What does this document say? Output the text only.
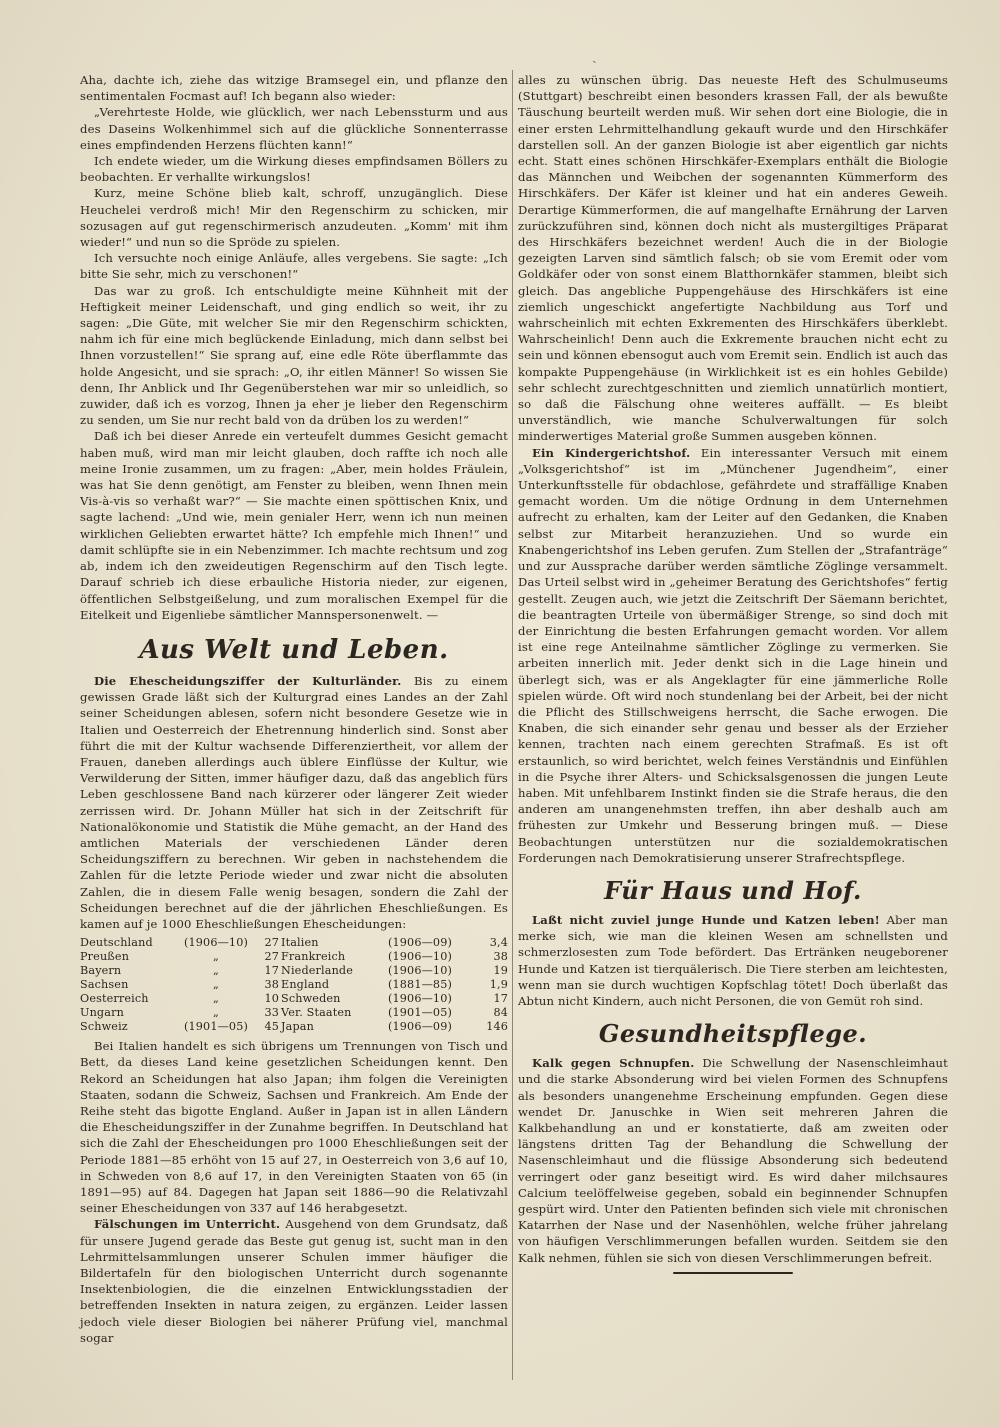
ˎ

Aha, dachte ich, ziehe das witzige Bramsegel ein, und pflanze den sentimentalen Focmast auf! Ich begann also wieder:

„Verehrteste Holde, wie glücklich, wer nach Lebenssturm und aus des Daseins Wolkenhimmel sich auf die glückliche Sonnenterrasse eines empfindenden Herzens flüchten kann!“

Ich endete wieder, um die Wirkung dieses empfindsamen Böllers zu beobachten. Er verhallte wirkungslos!

Kurz, meine Schöne blieb kalt, schroff, unzugänglich. Diese Heuchelei verdroß mich! Mir den Regenschirm zu schicken, mir sozusagen auf gut regenschirmerisch anzudeuten. „Komm' mit ihm wieder!“ und nun so die Spröde zu spielen.

Ich versuchte noch einige Anläufe, alles vergebens. Sie sagte: „Ich bitte Sie sehr, mich zu verschonen!“

Das war zu groß. Ich entschuldigte meine Kühnheit mit der Heftigkeit meiner Leidenschaft, und ging endlich so weit, ihr zu sagen: „Die Güte, mit welcher Sie mir den Regenschirm schickten, nahm ich für eine mich beglückende Einladung, mich dann selbst bei Ihnen vorzustellen!“ Sie sprang auf, eine edle Röte überflammte das holde Angesicht, und sie sprach: „O, ihr eitlen Männer! So wissen Sie denn, Ihr Anblick und Ihr Gegenüberstehen war mir so unleidlich, so zuwider, daß ich es vorzog, Ihnen ja eher je lieber den Regenschirm zu senden, um Sie nur recht bald von da drüben los zu werden!“

Daß ich bei dieser Anrede ein verteufelt dummes Gesicht gemacht haben muß, wird man mir leicht glauben, doch raffte ich noch alle meine Ironie zusammen, um zu fragen: „Aber, mein holdes Fräulein, was hat Sie denn genötigt, am Fenster zu bleiben, wenn Ihnen mein Vis-à-vis so verhaßt war?“ — Sie machte einen spöttischen Knix, und sagte lachend: „Und wie, mein genialer Herr, wenn ich nun meinen wirklichen Geliebten erwartet hätte? Ich empfehle mich Ihnen!“ und damit schlüpfte sie in ein Nebenzimmer. Ich machte rechtsum und zog ab, indem ich den zweideutigen Regenschirm auf den Tisch legte. Darauf schrieb ich diese erbauliche Historia nieder, zur eigenen, öffentlichen Selbstgeißelung, und zum moralischen Exempel für die Eitelkeit und Eigenliebe sämtlicher Mannspersonenwelt. —

Aus Welt und Leben.

Die Ehescheidungsziffer der Kulturländer. Bis zu einem gewissen Grade läßt sich der Kulturgrad eines Landes an der Zahl seiner Scheidungen ablesen, sofern nicht besondere Gesetze wie in Italien und Oesterreich der Ehetrennung hinderlich sind. Sonst aber führt die mit der Kultur wachsende Differenziertheit, vor allem der Frauen, daneben allerdings auch üblere Einflüsse der Kultur, wie Verwilderung der Sitten, immer häufiger dazu, daß das angeblich fürs Leben geschlossene Band nach kürzerer oder längerer Zeit wieder zerrissen wird. Dr. Johann Müller hat sich in der Zeitschrift für Nationalökonomie und Statistik die Mühe gemacht, an der Hand des amtlichen Materials der verschiedenen Länder deren Scheidungsziffern zu berechnen. Wir geben in nachstehendem die Zahlen für die letzte Periode wieder und zwar nicht die absoluten Zahlen, die in diesem Falle wenig besagen, sondern die Zahl der Scheidungen berechnet auf die der jährlichen Eheschließungen. Es kamen auf je 1000 Eheschließungen Ehescheidungen:

Deutschland	(1906—10)	27	Italien	(1906—09)	3,4
Preußen	„	27	Frankreich	(1906—10)	38
Bayern	„	17	Niederlande	(1906—10)	19
Sachsen	„	38	England	(1881—85)	1,9
Oesterreich	„	10	Schweden	(1906—10)	17
Ungarn	„	33	Ver. Staaten	(1901—05)	84
Schweiz	(1901—05)	45	Japan	(1906—09)	146

Bei Italien handelt es sich übrigens um Trennungen von Tisch und Bett, da dieses Land keine gesetzlichen Scheidungen kennt. Den Rekord an Scheidungen hat also Japan; ihm folgen die Vereinigten Staaten, sodann die Schweiz, Sachsen und Frankreich. Am Ende der Reihe steht das bigotte England. Außer in Japan ist in allen Ländern die Ehescheidungsziffer in der Zunahme begriffen. In Deutschland hat sich die Zahl der Ehescheidungen pro 1000 Eheschließungen seit der Periode 1881—85 erhöht von 15 auf 27, in Oesterreich von 3,6 auf 10, in Schweden von 8,6 auf 17, in den Vereinigten Staaten von 65 (in 1891—95) auf 84. Dagegen hat Japan seit 1886—90 die Relativzahl seiner Ehescheidungen von 337 auf 146 herabgesetzt.

Fälschungen im Unterricht. Ausgehend von dem Grundsatz, daß für unsere Jugend gerade das Beste gut genug ist, sucht man in den Lehrmittelsammlungen unserer Schulen immer häufiger die Bildertafeln für den biologischen Unterricht durch sogenannte Insektenbiologien, die die einzelnen Entwicklungsstadien der betreffenden Insekten in natura zeigen, zu ergänzen. Leider lassen jedoch viele dieser Biologien bei näherer Prüfung viel, manchmal sogar

alles zu wünschen übrig. Das neueste Heft des Schulmuseums (Stuttgart) beschreibt einen besonders krassen Fall, der als bewußte Täuschung beurteilt werden muß. Wir sehen dort eine Biologie, die in einer ersten Lehrmittelhandlung gekauft wurde und den Hirschkäfer darstellen soll. An der ganzen Biologie ist aber eigentlich gar nichts echt. Statt eines schönen Hirschkäfer-Exemplars enthält die Biologie das Männchen und Weibchen der sogenannten Kümmerform des Hirschkäfers. Der Käfer ist kleiner und hat ein anderes Geweih. Derartige Kümmerformen, die auf mangelhafte Ernährung der Larven zurückzuführen sind, können doch nicht als mustergiltiges Präparat des Hirschkäfers bezeichnet werden! Auch die in der Biologie gezeigten Larven sind sämtlich falsch; ob sie vom Eremit oder vom Goldkäfer oder von sonst einem Blatthornkäfer stammen, bleibt sich gleich. Das angebliche Puppengehäuse des Hirschkäfers ist eine ziemlich ungeschickt angefertigte Nachbildung aus Torf und wahrscheinlich mit echten Exkrementen des Hirschkäfers überklebt. Wahrscheinlich! Denn auch die Exkremente brauchen nicht echt zu sein und können ebensogut auch vom Eremit sein. Endlich ist auch das kompakte Puppengehäuse (in Wirklichkeit ist es ein hohles Gebilde) sehr schlecht zurechtgeschnitten und ziemlich unnatürlich montiert, so daß die Fälschung ohne weiteres auffällt. — Es bleibt unverständlich, wie manche Schulverwaltungen für solch minderwertiges Material große Summen ausgeben können.

Ein Kindergerichtshof. Ein interessanter Versuch mit einem „Volksgerichtshof“ ist im „Münchener Jugendheim“, einer Unterkunftsstelle für obdachlose, gefährdete und straffällige Knaben gemacht worden. Um die nötige Ordnung in dem Unternehmen aufrecht zu erhalten, kam der Leiter auf den Gedanken, die Knaben selbst zur Mitarbeit heranzuziehen. Und so wurde ein Knabengerichtshof ins Leben gerufen. Zum Stellen der „Strafanträge“ und zur Aussprache darüber werden sämtliche Zöglinge versammelt. Das Urteil selbst wird in „geheimer Beratung des Gerichtshofes“ fertig gestellt. Zeugen auch, wie jetzt die Zeitschrift Der Säemann berichtet, die beantragten Urteile von übermäßiger Strenge, so sind doch mit der Einrichtung die besten Erfahrungen gemacht worden. Vor allem ist eine rege Anteilnahme sämtlicher Zöglinge zu vermerken. Sie arbeiten innerlich mit. Jeder denkt sich in die Lage hinein und überlegt sich, was er als Angeklagter für eine jämmerliche Rolle spielen würde. Oft wird noch stundenlang bei der Arbeit, bei der nicht die Pflicht des Stillschweigens herrscht, die Sache erwogen. Die Knaben, die sich einander sehr genau und besser als der Erzieher kennen, trachten nach einem gerechten Strafmaß. Es ist oft erstaunlich, so wird berichtet, welch feines Verständnis und Einfühlen in die Psyche ihrer Alters- und Schicksalsgenossen die jungen Leute haben. Mit unfehlbarem Instinkt finden sie die Strafe heraus, die den anderen am unangenehmsten treffen, ihn aber deshalb auch am frühesten zur Umkehr und Besserung bringen muß. — Diese Beobachtungen unterstützen nur die sozialdemokratischen Forderungen nach Demokratisierung unserer Strafrechtspflege.

Für Haus und Hof.

Laßt nicht zuviel junge Hunde und Katzen leben! Aber man merke sich, wie man die kleinen Wesen am schnellsten und schmerzlosesten zum Tode befördert. Das Ertränken neugeborener Hunde und Katzen ist tierquälerisch. Die Tiere sterben am leichtesten, wenn man sie durch wuchtigen Kopfschlag tötet! Doch überlaßt das Abtun nicht Kindern, auch nicht Personen, die von Gemüt roh sind.

Gesundheitspflege.

Kalk gegen Schnupfen. Die Schwellung der Nasenschleimhaut und die starke Absonderung wird bei vielen Formen des Schnupfens als besonders unangenehme Erscheinung empfunden. Gegen diese wendet Dr. Januschke in Wien seit mehreren Jahren die Kalkbehandlung an und er konstatierte, daß am zweiten oder längstens dritten Tag der Behandlung die Schwellung der Nasenschleimhaut und die flüssige Absonderung sich bedeutend verringert oder ganz beseitigt wird. Es wird daher milchsaures Calcium teelöffelweise gegeben, sobald ein beginnender Schnupfen gespürt wird. Unter den Patienten befinden sich viele mit chronischen Katarrhen der Nase und der Nasenhöhlen, welche früher jahrelang von häufigen Verschlimmerungen befallen wurden. Seitdem sie den Kalk nehmen, fühlen sie sich von diesen Verschlimmerungen befreit.
